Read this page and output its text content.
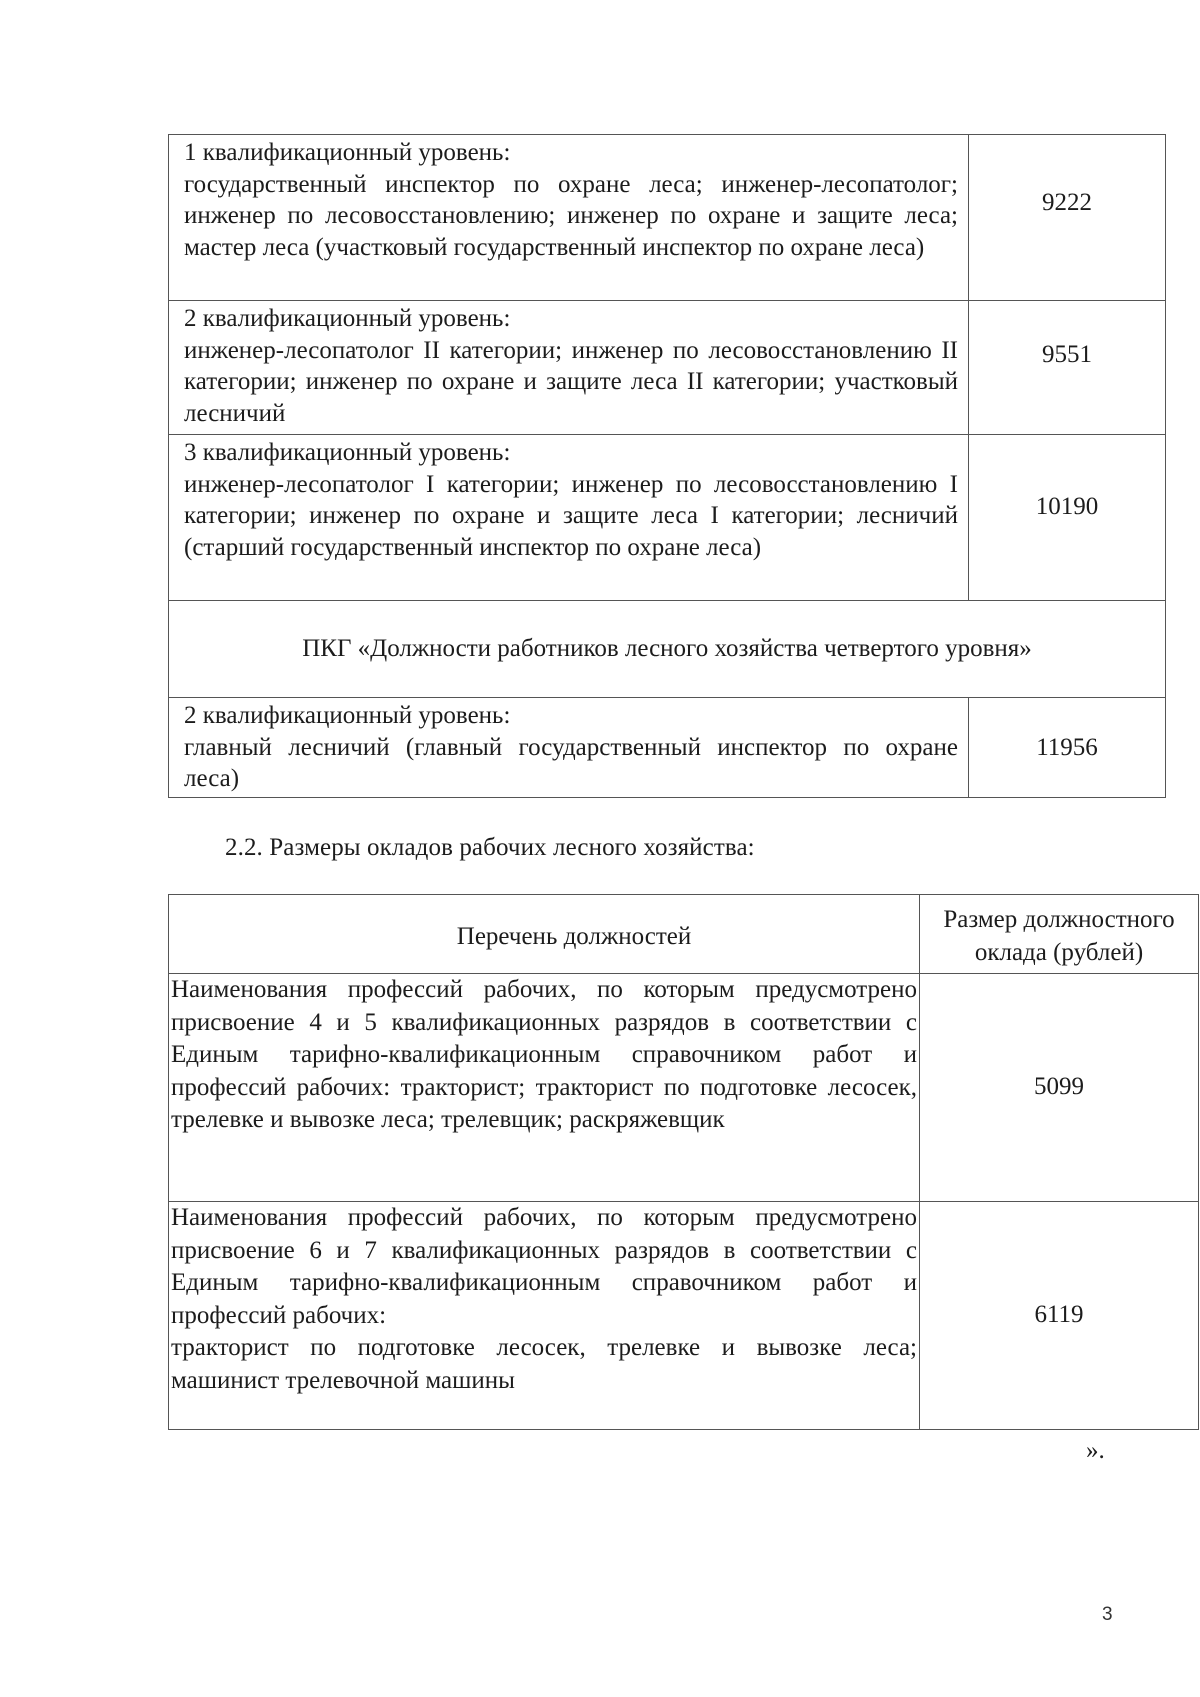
1 квалификационный уровень:
государственный инспектор по охране леса; инженер-лесопатолог; инженер по лесовосстановлению; инженер по охране и защите леса; мастер леса (участковый государственный инспектор по охране леса)	9222

2 квалификационный уровень:
инженер-лесопатолог II категории; инженер по лесовосстановлению II категории; инженер по охране и защите леса II категории; участковый лесничий	9551

3 квалификационный уровень:
инженер-лесопатолог I категории; инженер по лесовосстановлению I категории; инженер по охране и защите леса I категории; лесничий (старший государственный инспектор по охране леса)	10190

ПКГ «Должности работников лесного хозяйства четвертого уровня»	

2 квалификационный уровень:
главный лесничий (главный государственный инспектор по охране леса)	11956
2.2. Размеры окладов рабочих лесного хозяйства:
Перечень должностей	Размер должностного оклада (рублей)
Наименования профессий рабочих, по которым предусмотрено присвоение 4 и 5 квалификационных разрядов в соответствии с Единым тарифно-квалификационным справочником работ и профессий рабочих: тракторист; тракторист по подготовке лесосек, трелевке и вывозке леса; трелевщик; раскряжевщик	5099

Наименования профессий рабочих, по которым предусмотрено присвоение 6 и 7 квалификационных разрядов в соответствии с Единым тарифно-квалификационным справочником работ и профессий рабочих:
тракторист по подготовке лесосек, трелевке и вывозке леса; машинист трелевочной машины	6119
».
3
